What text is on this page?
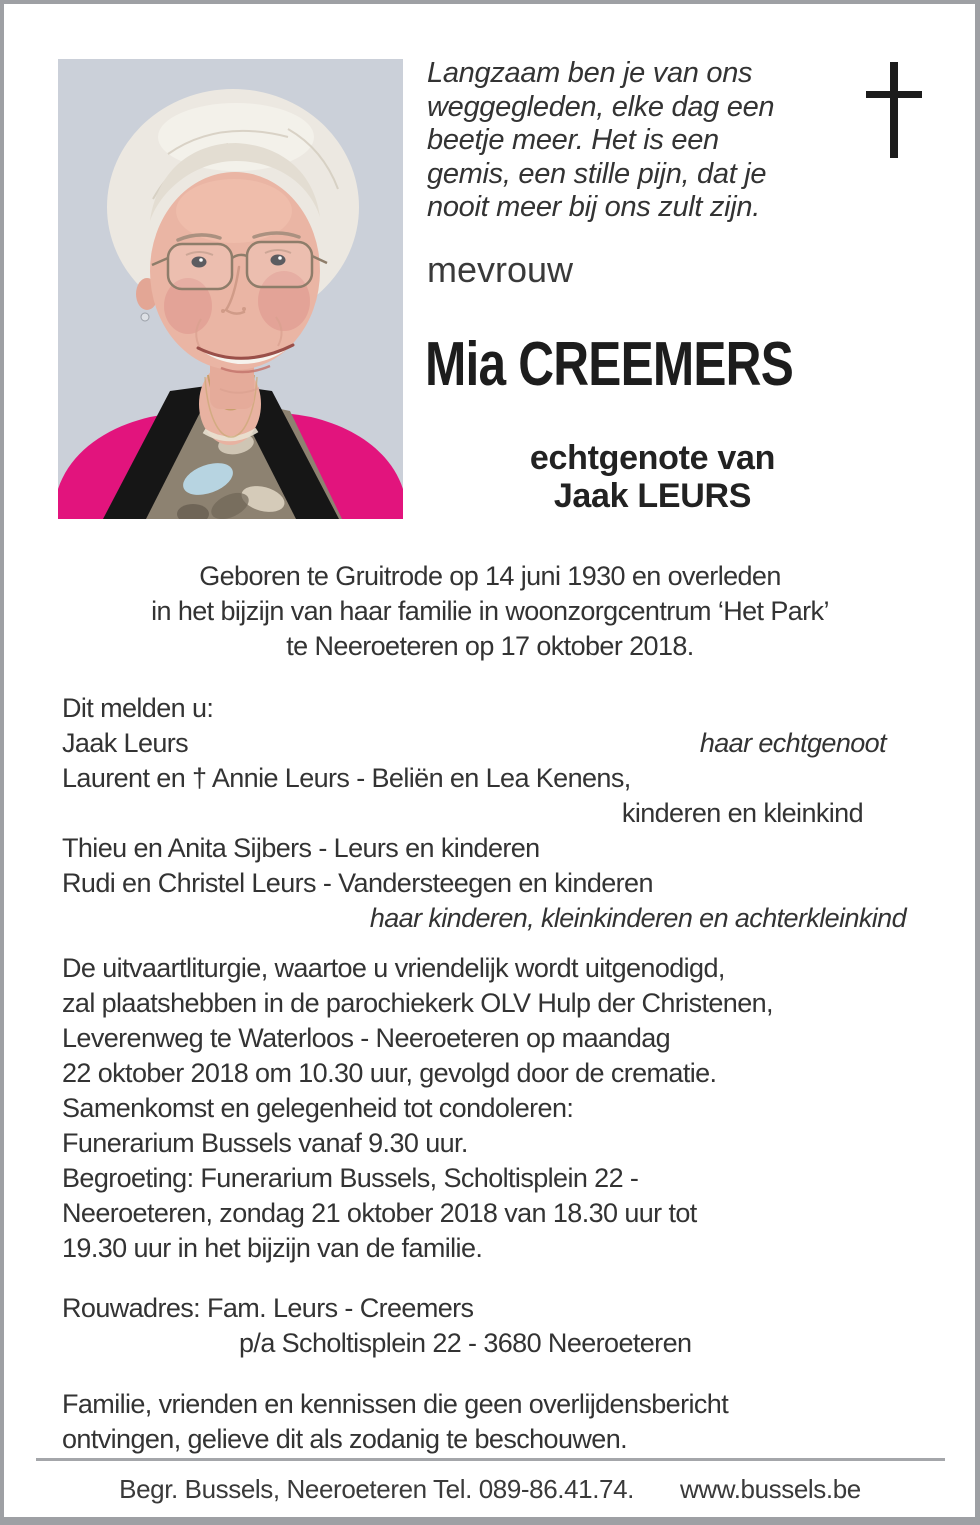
Langzaam ben je van ons
weggegleden, elke dag een
beetje meer. Het is een
gemis, een stille pijn, dat je
nooit meer bij ons zult zijn.
mevrouw
Mia CREEMERS
echtgenote van
Jaak LEURS
Geboren te Gruitrode op 14 juni 1930 en overleden
in het bijzijn van haar familie in woonzorgcentrum ‘Het Park’
te Neeroeteren op 17 oktober 2018.
Dit melden u:
Jaak Leurs	haar echtgenoot
Laurent en † Annie Leurs - Beliën en Lea Kenens,
kinderen en kleinkind
Thieu en Anita Sijbers - Leurs en kinderen
Rudi en Christel Leurs - Vandersteegen en kinderen
haar kinderen, kleinkinderen en achterkleinkind
De uitvaartliturgie, waartoe u vriendelijk wordt uitgenodigd,
zal plaatshebben in de parochiekerk OLV Hulp der Christenen,
Leverenweg te Waterloos - Neeroeteren op maandag
22 oktober 2018 om 10.30 uur, gevolgd door de crematie.
Samenkomst en gelegenheid tot condoleren:
Funerarium Bussels vanaf 9.30 uur.
Begroeting: Funerarium Bussels, Scholtisplein 22 -
Neeroeteren, zondag 21 oktober 2018 van 18.30 uur tot
19.30 uur in het bijzijn van de familie.
Rouwadres: Fam. Leurs - Creemers
p/a Scholtisplein 22 - 3680 Neeroeteren
Familie, vrienden en kennissen die geen overlijdensbericht
ontvingen, gelieve dit als zodanig te beschouwen.
Begr. Bussels, Neeroeteren Tel. 089-86.41.74. www.bussels.be
